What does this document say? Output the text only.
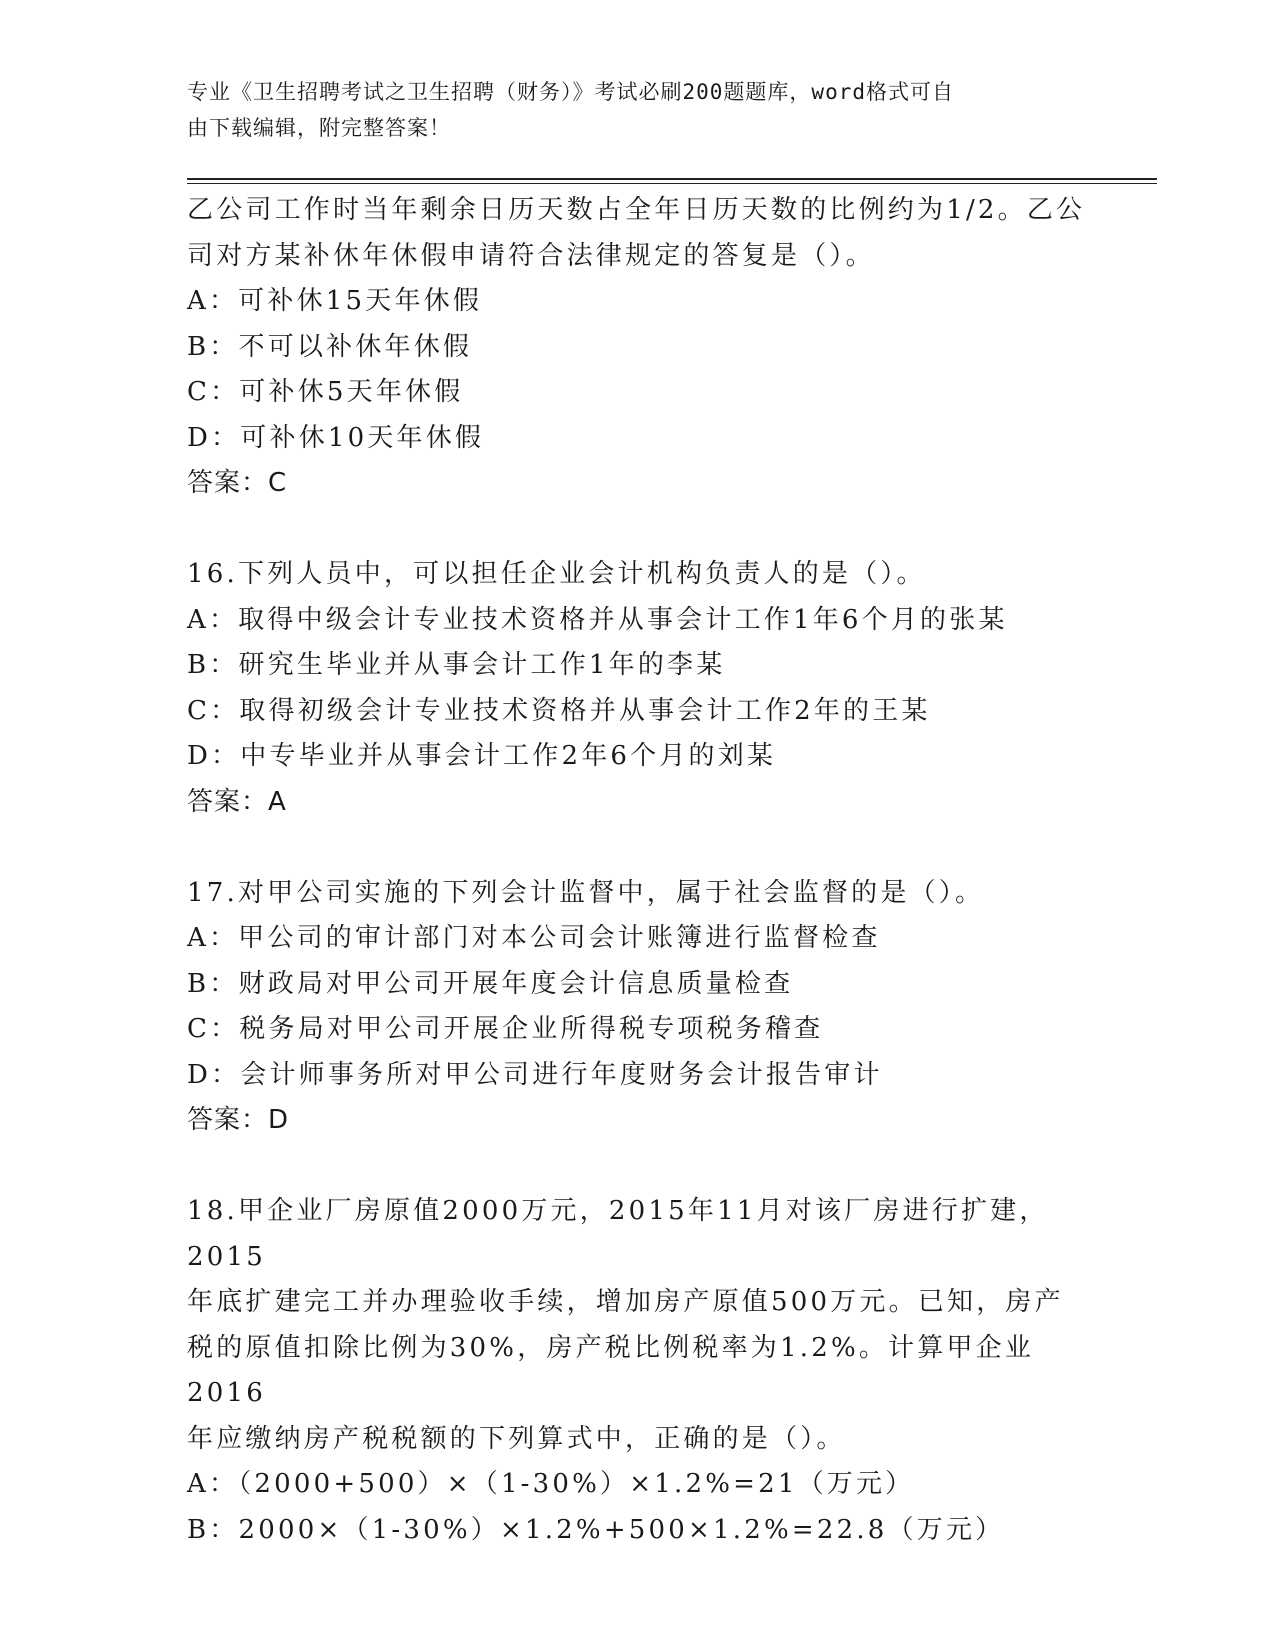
专业《卫生招聘考试之卫生招聘（财务）》考试必刷200题题库，word格式可自
由下载编辑，附完整答案！

乙公司工作时当年剩余日历天数占全年日历天数的比例约为1/2。乙公

司对方某补休年休假申请符合法律规定的答复是（）。

A：可补休15天年休假

B：不可以补休年休假

C：可补休5天年休假

D：可补休10天年休假

答案：C

16.下列人员中，可以担任企业会计机构负责人的是（）。

A：取得中级会计专业技术资格并从事会计工作1年6个月的张某

B：研究生毕业并从事会计工作1年的李某

C：取得初级会计专业技术资格并从事会计工作2年的王某

D：中专毕业并从事会计工作2年6个月的刘某

答案：A

17.对甲公司实施的下列会计监督中，属于社会监督的是（）。

A：甲公司的审计部门对本公司会计账簿进行监督检查

B：财政局对甲公司开展年度会计信息质量检查

C：税务局对甲公司开展企业所得税专项税务稽查

D：会计师事务所对甲公司进行年度财务会计报告审计

答案：D

18.甲企业厂房原值2000万元，2015年11月对该厂房进行扩建，2015

年底扩建完工并办理验收手续，增加房产原值500万元。已知，房产

税的原值扣除比例为30%，房产税比例税率为1.2%。计算甲企业2016

年应缴纳房产税税额的下列算式中，正确的是（）。

A：（2000+500）×（1-30%）×1.2%=21（万元）

B：2000×（1-30%）×1.2%+500×1.2%=22.8（万元）
